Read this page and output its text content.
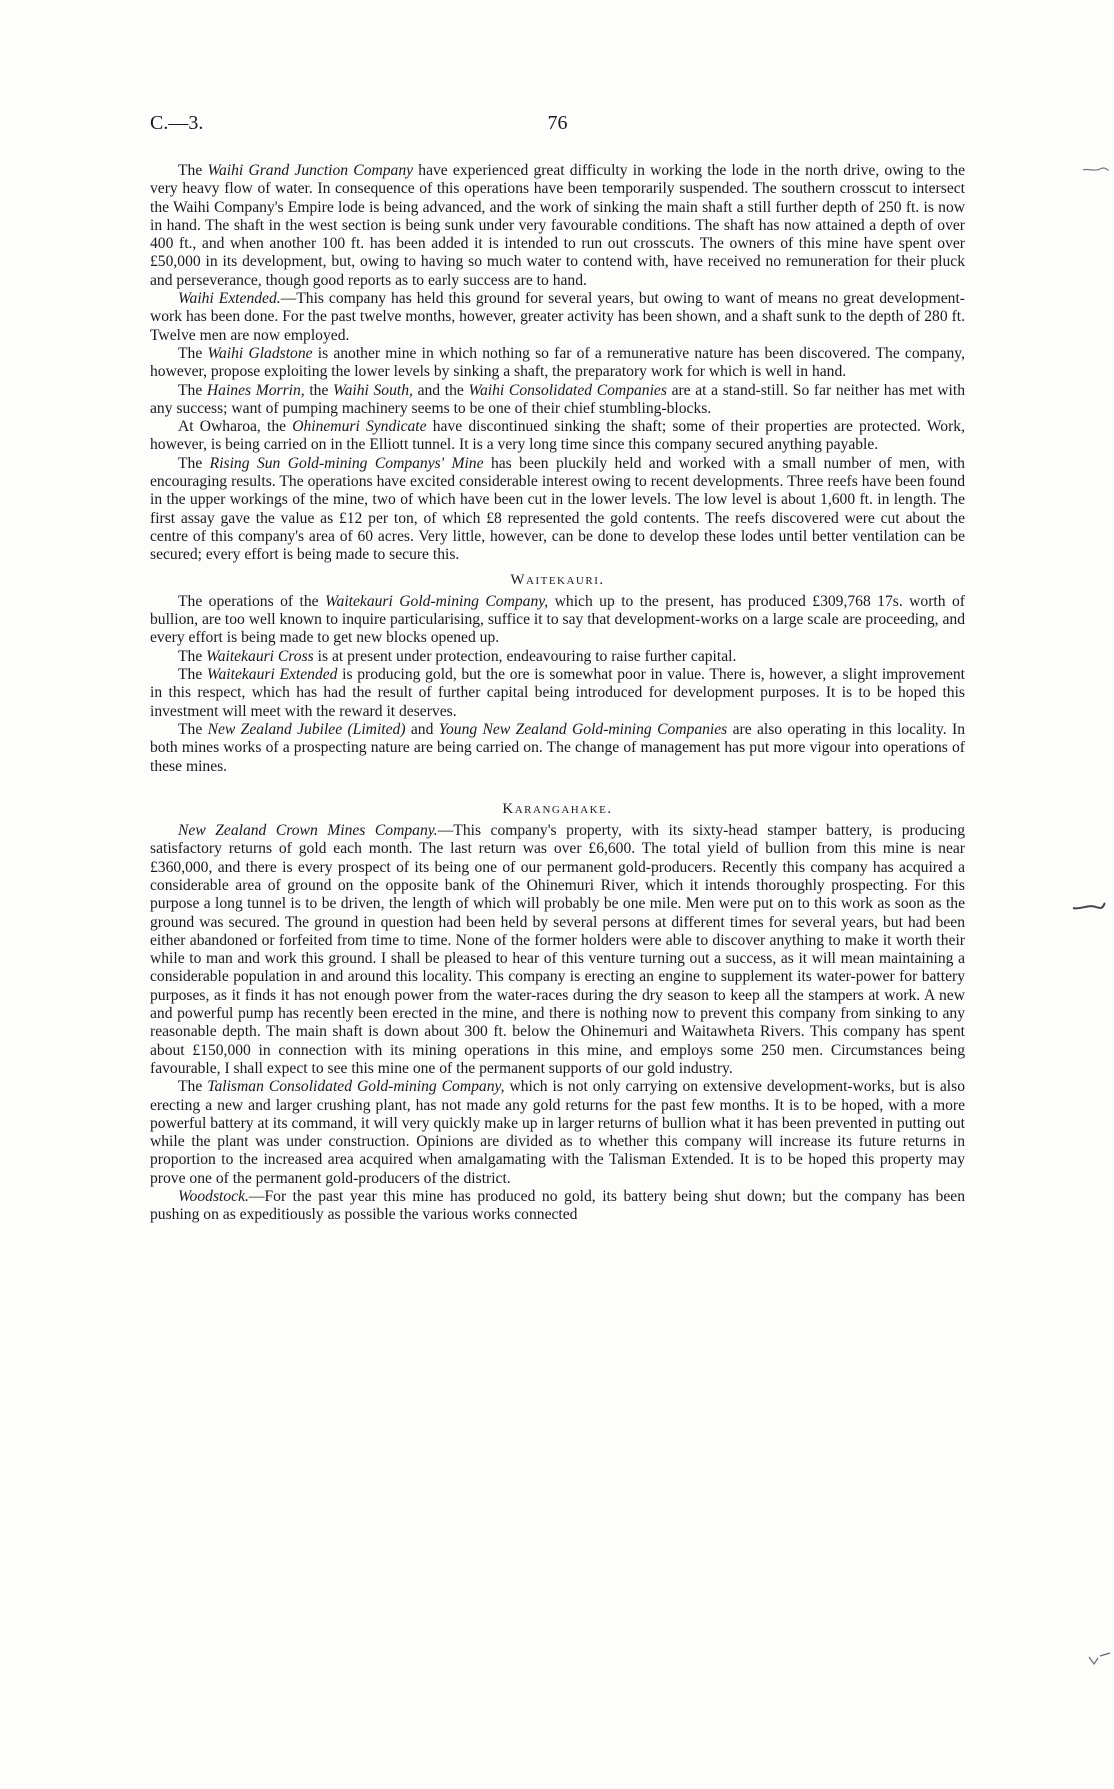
C.—3.	76

The Waihi Grand Junction Company have experienced great difficulty in working the lode in the north drive, owing to the very heavy flow of water. In consequence of this operations have been temporarily suspended. The southern crosscut to intersect the Waihi Company's Empire lode is being advanced, and the work of sinking the main shaft a still further depth of 250 ft. is now in hand. The shaft in the west section is being sunk under very favourable conditions. The shaft has now attained a depth of over 400 ft., and when another 100 ft. has been added it is intended to run out crosscuts. The owners of this mine have spent over £50,000 in its development, but, owing to having so much water to contend with, have received no remuneration for their pluck and perseverance, though good reports as to early success are to hand.

Waihi Extended.—This company has held this ground for several years, but owing to want of means no great development-work has been done. For the past twelve months, however, greater activity has been shown, and a shaft sunk to the depth of 280 ft. Twelve men are now employed.

The Waihi Gladstone is another mine in which nothing so far of a remunerative nature has been discovered. The company, however, propose exploiting the lower levels by sinking a shaft, the preparatory work for which is well in hand.

The Haines Morrin, the Waihi South, and the Waihi Consolidated Companies are at a stand-still. So far neither has met with any success; want of pumping machinery seems to be one of their chief stumbling-blocks.

At Owharoa, the Ohinemuri Syndicate have discontinued sinking the shaft; some of their properties are protected. Work, however, is being carried on in the Elliott tunnel. It is a very long time since this company secured anything payable.

The Rising Sun Gold-mining Companys' Mine has been pluckily held and worked with a small number of men, with encouraging results. The operations have excited considerable interest owing to recent developments. Three reefs have been found in the upper workings of the mine, two of which have been cut in the lower levels. The low level is about 1,600 ft. in length. The first assay gave the value as £12 per ton, of which £8 represented the gold contents. The reefs discovered were cut about the centre of this company's area of 60 acres. Very little, however, can be done to develop these lodes until better ventilation can be secured; every effort is being made to secure this.

Waitekauri.

The operations of the Waitekauri Gold-mining Company, which up to the present, has produced £309,768 17s. worth of bullion, are too well known to inquire particularising, suffice it to say that development-works on a large scale are proceeding, and every effort is being made to get new blocks opened up.

The Waitekauri Cross is at present under protection, endeavouring to raise further capital.

The Waitekauri Extended is producing gold, but the ore is somewhat poor in value. There is, however, a slight improvement in this respect, which has had the result of further capital being introduced for development purposes. It is to be hoped this investment will meet with the reward it deserves.

The New Zealand Jubilee (Limited) and Young New Zealand Gold-mining Companies are also operating in this locality. In both mines works of a prospecting nature are being carried on. The change of management has put more vigour into operations of these mines.

Karangahake.

New Zealand Crown Mines Company.—This company's property, with its sixty-head stamper battery, is producing satisfactory returns of gold each month. The last return was over £6,600. The total yield of bullion from this mine is near £360,000, and there is every prospect of its being one of our permanent gold-producers. Recently this company has acquired a considerable area of ground on the opposite bank of the Ohinemuri River, which it intends thoroughly prospecting. For this purpose a long tunnel is to be driven, the length of which will probably be one mile. Men were put on to this work as soon as the ground was secured. The ground in question had been held by several persons at different times for several years, but had been either abandoned or forfeited from time to time. None of the former holders were able to discover anything to make it worth their while to man and work this ground. I shall be pleased to hear of this venture turning out a success, as it will mean maintaining a considerable population in and around this locality. This company is erecting an engine to supplement its water-power for battery purposes, as it finds it has not enough power from the water-races during the dry season to keep all the stampers at work. A new and powerful pump has recently been erected in the mine, and there is nothing now to prevent this company from sinking to any reasonable depth. The main shaft is down about 300 ft. below the Ohinemuri and Waitawheta Rivers. This company has spent about £150,000 in connection with its mining operations in this mine, and employs some 250 men. Circumstances being favourable, I shall expect to see this mine one of the permanent supports of our gold industry.

The Talisman Consolidated Gold-mining Company, which is not only carrying on extensive development-works, but is also erecting a new and larger crushing plant, has not made any gold returns for the past few months. It is to be hoped, with a more powerful battery at its command, it will very quickly make up in larger returns of bullion what it has been prevented in putting out while the plant was under construction. Opinions are divided as to whether this company will increase its future returns in proportion to the increased area acquired when amalgamating with the Talisman Extended. It is to be hoped this property may prove one of the permanent gold-producers of the district.

Woodstock.—For the past year this mine has produced no gold, its battery being shut down; but the company has been pushing on as expeditiously as possible the various works connected
